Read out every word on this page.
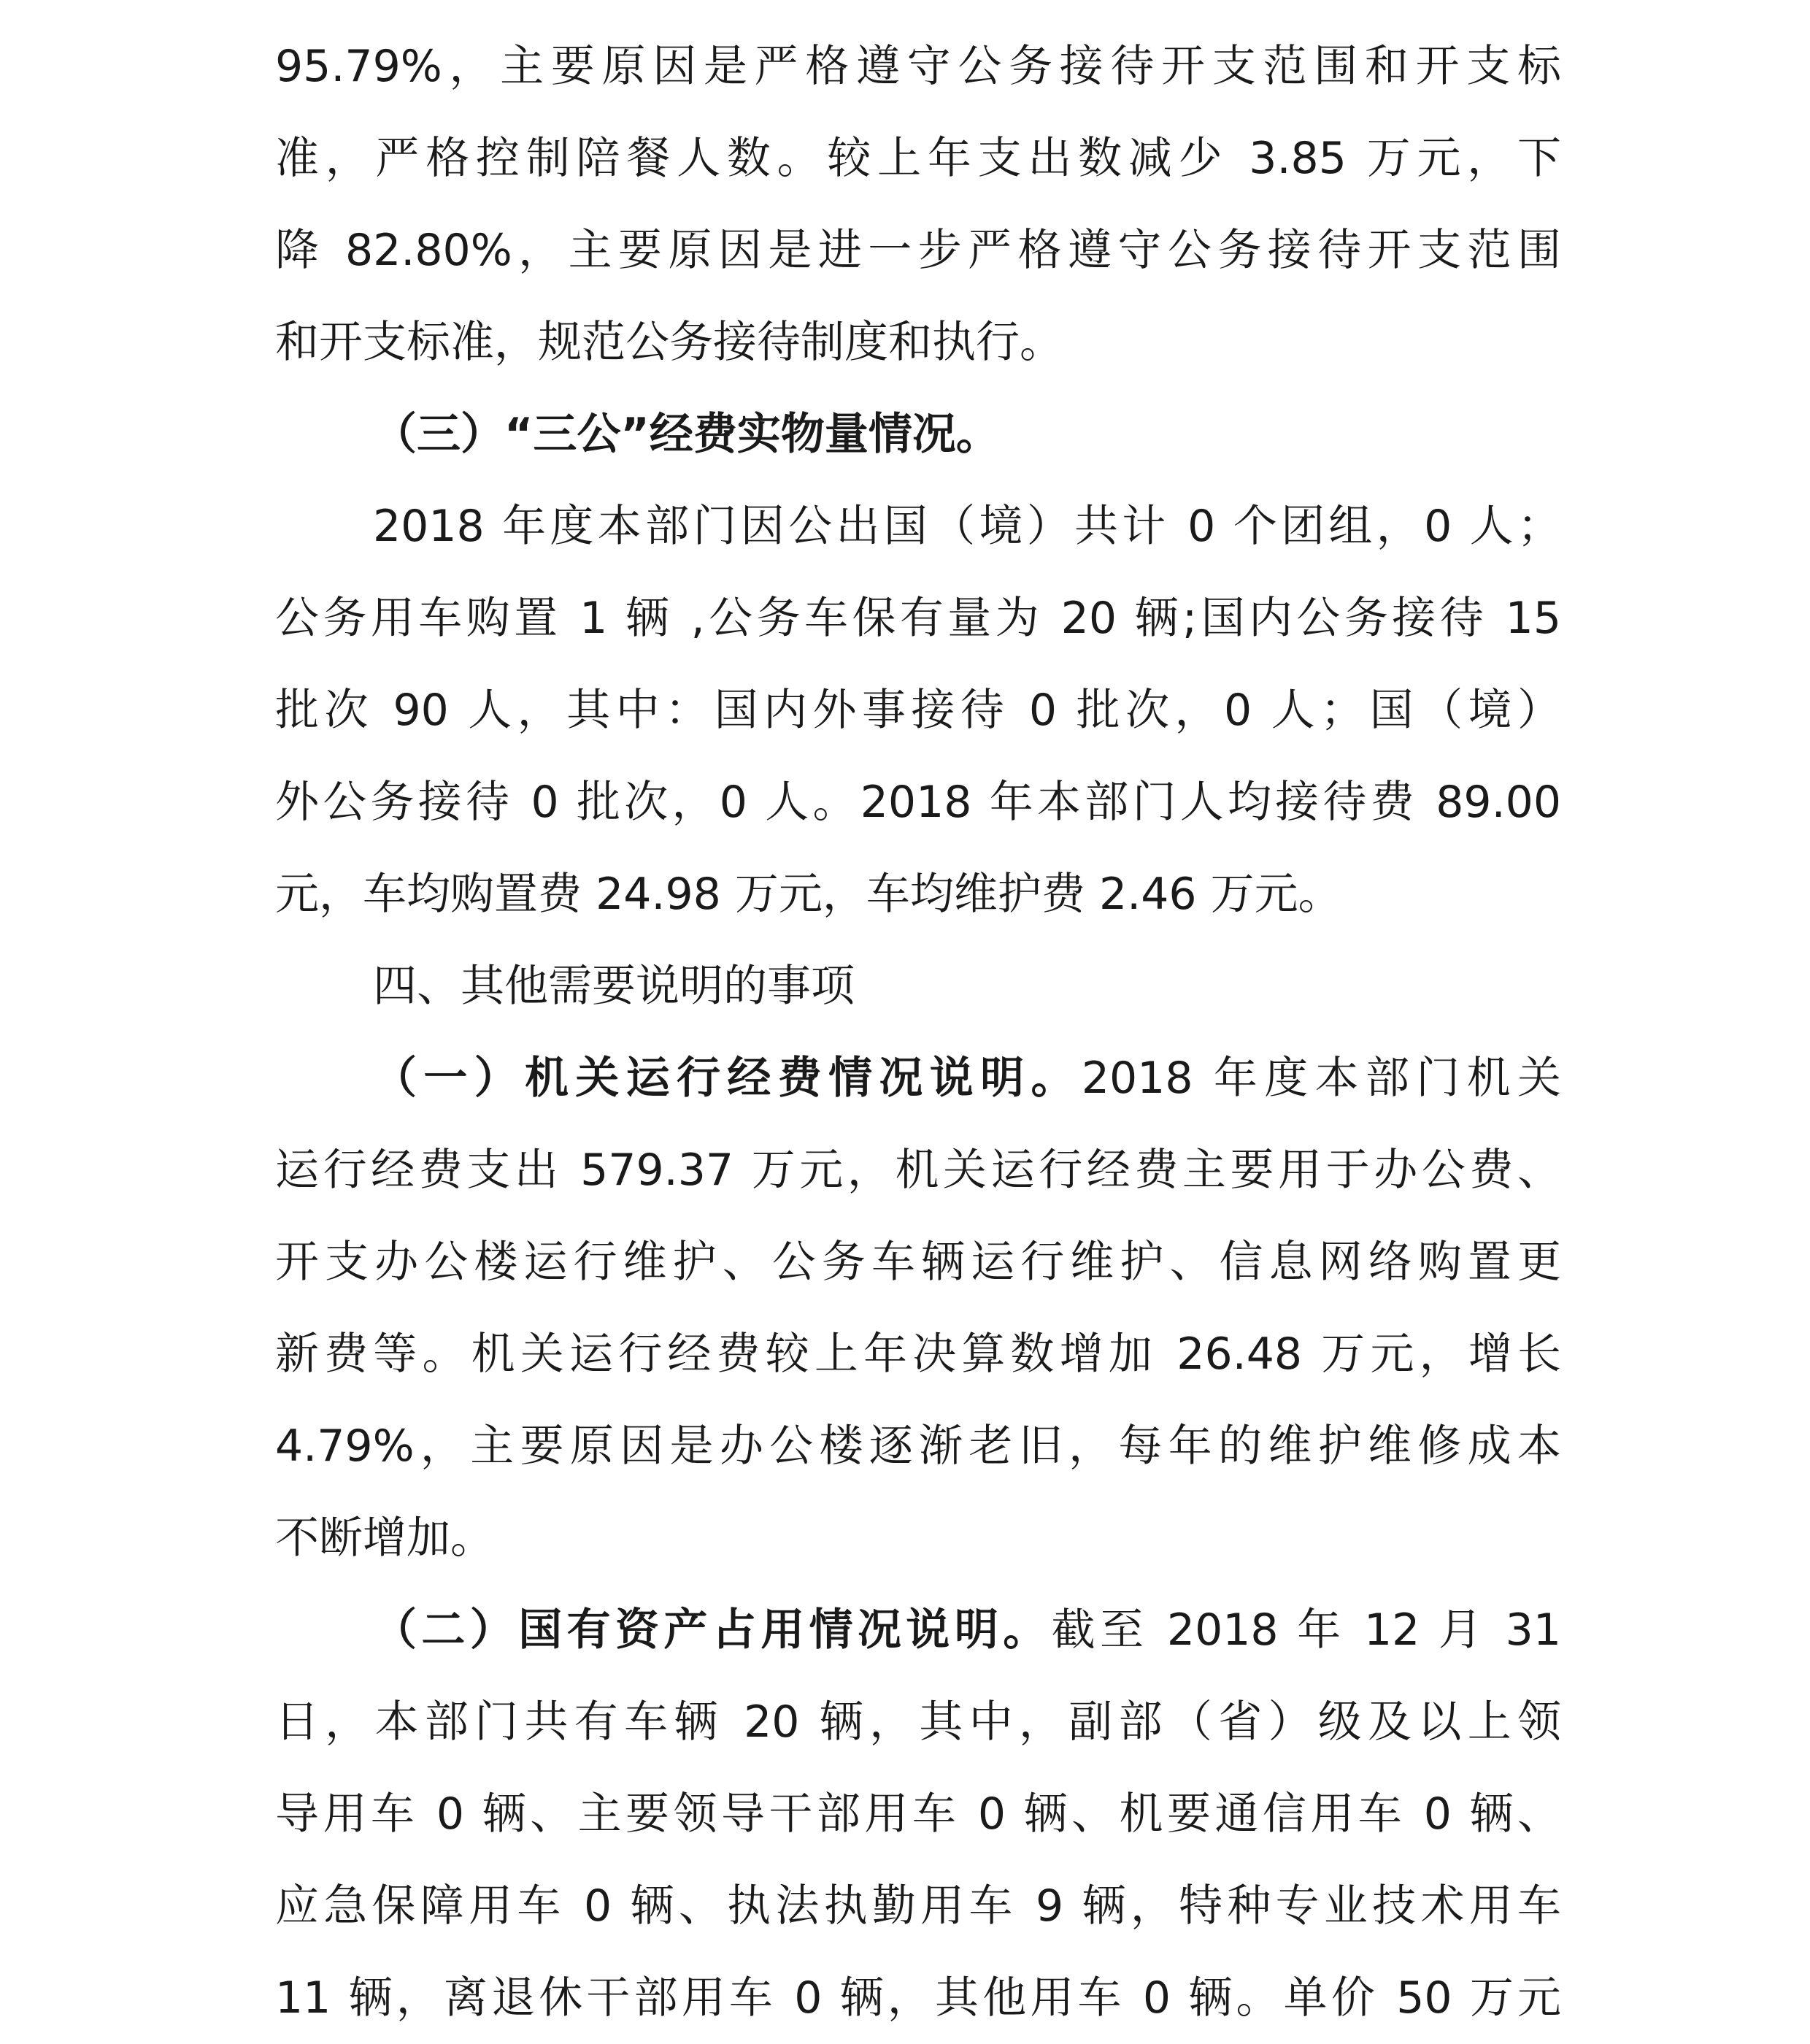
95.79%，主要原因是严格遵守公务接待开支范围和开支标
准，严格控制陪餐人数。较上年支出数减少 3.85 万元，下
降 82.80%，主要原因是进一步严格遵守公务接待开支范围
和开支标准，规范公务接待制度和执行。
（三）“三公”经费实物量情况。
2018 年度本部门因公出国（境）共计 0 个团组，0 人；
公务用车购置 1 辆 ,公务车保有量为 20 辆;国内公务接待 15
批次 90 人，其中：国内外事接待 0 批次，0 人；国（境）
外公务接待 0 批次，0 人。2018 年本部门人均接待费 89.00
元，车均购置费 24.98 万元，车均维护费 2.46 万元。
四、其他需要说明的事项
（一）机关运行经费情况说明。2018 年度本部门机关
运行经费支出 579.37 万元，机关运行经费主要用于办公费、
开支办公楼运行维护、公务车辆运行维护、信息网络购置更
新费等。机关运行经费较上年决算数增加 26.48 万元，增长
4.79%，主要原因是办公楼逐渐老旧，每年的维护维修成本
不断增加。
（二）国有资产占用情况说明。截至 2018 年 12 月 31
日，本部门共有车辆 20 辆，其中，副部（省）级及以上领
导用车 0 辆、主要领导干部用车 0 辆、机要通信用车 0 辆、
应急保障用车 0 辆、执法执勤用车 9 辆，特种专业技术用车
11 辆，离退休干部用车 0 辆，其他用车 0 辆。单价 50 万元
